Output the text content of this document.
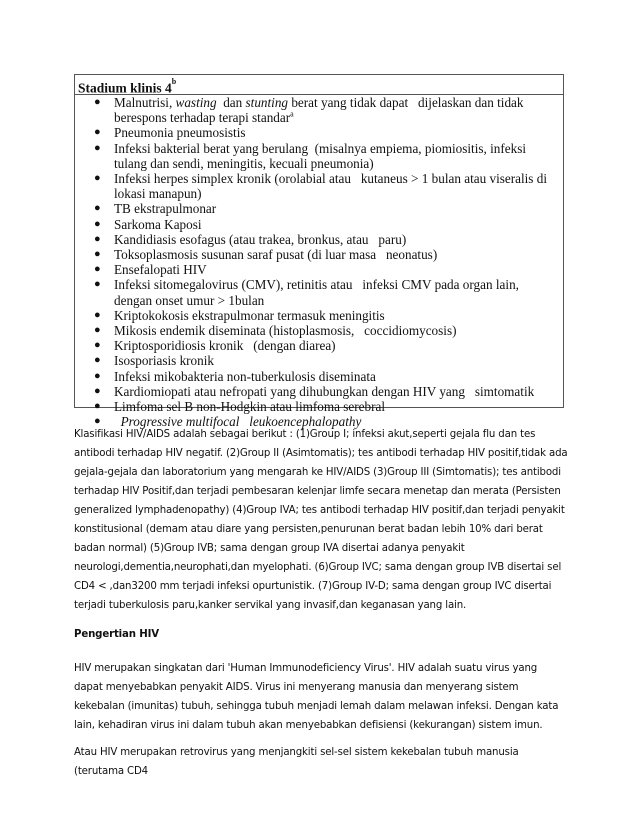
Stadium klinis 4$^b$
● Malnutrisi, wasting  dan stunting berat yang tidak dapat   dijelaskan dan tidak berespons terhadap terapi standar$^a$
● Pneumonia pneumosistis
● Infeksi bakterial berat yang berulang  (misalnya empiema, piomiositis, infeksi   tulang dan sendi, meningitis, kecuali pneumonia)
● Infeksi herpes simplex kronik (orolabial atau   kutaneus > 1 bulan atau viseralis di lokasi manapun)
● TB ekstrapulmonar
● Sarkoma Kaposi
● Kandidiasis esofagus (atau trakea, bronkus, atau   paru)
● Toksoplasmosis susunan saraf pusat (di luar masa   neonatus)
● Ensefalopati HIV
● Infeksi sitomegalovirus (CMV), retinitis atau   infeksi CMV pada organ lain, dengan onset umur > 1bulan
● Kriptokokosis ekstrapulmonar termasuk meningitis
● Mikosis endemik diseminata (histoplasmosis,   coccidiomycosis)
● Kriptosporidiosis kronik   (dengan diarea)
● Isosporiasis kronik
● Infeksi mikobakteria non-tuberkulosis diseminata
● Kardiomiopati atau nefropati yang dihubungkan dengan HIV yang   simtomatik
● Limfoma sel B non-Hodgkin atau limfoma serebral
● Progressive multifocal   leukoencephalopathy

Klasifikasi HIV/AIDS adalah sebagai berikut : (1)Group I; infeksi akut,seperti gejala flu dan tes antibodi terhadap HIV negatif. (2)Group II (Asimtomatis); tes antibodi terhadap HIV positif,tidak ada gejala-gejala dan laboratorium yang mengarah ke HIV/AIDS (3)Group III (Simtomatis); tes antibodi terhadap HIV Positif,dan terjadi pembesaran kelenjar limfe secara menetap dan merata (Persisten generalized lymphadenopathy) (4)Group IVA; tes antibodi terhadap HIV positif,dan terjadi penyakit konstitusional (demam atau diare yang persisten,penurunan berat badan lebih 10% dari berat badan normal) (5)Group IVB; sama dengan group IVA disertai adanya penyakit neurologi,dementia,neurophati,dan myelophati. (6)Group IVC; sama dengan group IVB disertai sel CD4 < ,dan3200 mm terjadi infeksi opurtunistik. (7)Group IV-D; sama dengan group IVC disertai terjadi tuberkulosis paru,kanker servikal yang invasif,dan keganasan yang lain.

Pengertian HIV

HIV merupakan singkatan dari 'Human Immunodeficiency Virus'. HIV adalah suatu virus yang dapat menyebabkan penyakit AIDS. Virus ini menyerang manusia dan menyerang sistem kekebalan (imunitas) tubuh, sehingga tubuh menjadi lemah dalam melawan infeksi. Dengan kata lain, kehadiran virus ini dalam tubuh akan menyebabkan defisiensi (kekurangan) sistem imun.

Atau HIV merupakan retrovirus yang menjangkiti sel-sel sistem kekebalan tubuh manusia (terutama CD4
